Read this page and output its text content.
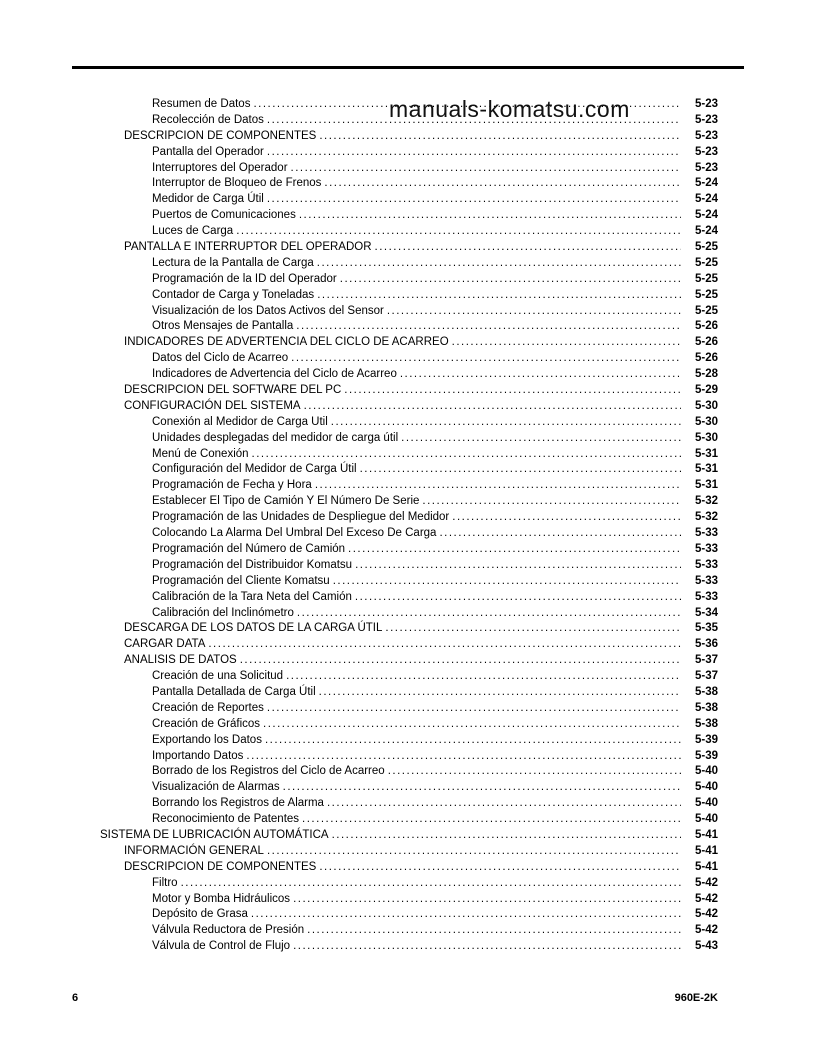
manuals-komatsu.com
Resumen de Datos .....	5-23
Recolección de Datos .....	5-23
DESCRIPCION DE COMPONENTES .....	5-23
Pantalla del Operador .....	5-23
Interruptores del Operador .....	5-23
Interruptor de Bloqueo de Frenos .....	5-24
Medidor de Carga Útil .....	5-24
Puertos de Comunicaciones .....	5-24
Luces de Carga .....	5-24
PANTALLA E INTERRUPTOR DEL OPERADOR .....	5-25
Lectura de la Pantalla de Carga .....	5-25
Programación de la ID del Operador .....	5-25
Contador de Carga y Toneladas .....	5-25
Visualización de los Datos Activos del Sensor .....	5-25
Otros Mensajes de Pantalla .....	5-26
INDICADORES DE ADVERTENCIA DEL CICLO DE ACARREO .....	5-26
Datos del Ciclo de Acarreo .....	5-26
Indicadores de Advertencia del Ciclo de Acarreo .....	5-28
DESCRIPCION DEL SOFTWARE DEL PC .....	5-29
CONFIGURACIÓN DEL SISTEMA .....	5-30
Conexión al Medidor de Carga Util .....	5-30
Unidades desplegadas del medidor de carga útil .....	5-30
Menú de Conexión .....	5-31
Configuración del Medidor de Carga Útil .....	5-31
Programación de Fecha y Hora .....	5-31
Establecer El Tipo de Camión Y El Número De Serie .....	5-32
Programación de las Unidades de Despliegue del Medidor .....	5-32
Colocando La Alarma Del Umbral Del Exceso De Carga .....	5-33
Programación del Número de Camión .....	5-33
Programación del Distribuidor Komatsu .....	5-33
Programación del Cliente Komatsu .....	5-33
Calibración de la Tara Neta del Camión .....	5-33
Calibración del Inclinómetro .....	5-34
DESCARGA DE LOS DATOS DE LA CARGA ÚTIL .....	5-35
CARGAR DATA .....	5-36
ANALISIS DE DATOS .....	5-37
Creación de una Solicitud .....	5-37
Pantalla Detallada de Carga Útil .....	5-38
Creación de Reportes .....	5-38
Creación de Gráficos .....	5-38
Exportando los Datos .....	5-39
Importando Datos .....	5-39
Borrado de los Registros del Ciclo de Acarreo .....	5-40
Visualización de Alarmas .....	5-40
Borrando los Registros de Alarma .....	5-40
Reconocimiento de Patentes .....	5-40
SISTEMA DE LUBRICACIÓN AUTOMÁTICA .....	5-41
INFORMACIÓN GENERAL .....	5-41
DESCRIPCION DE COMPONENTES .....	5-41
Filtro .....	5-42
Motor y Bomba Hidráulicos .....	5-42
Depósito de Grasa .....	5-42
Válvula Reductora de Presión .....	5-42
Válvula de Control de Flujo .....	5-43
6	960E-2K
